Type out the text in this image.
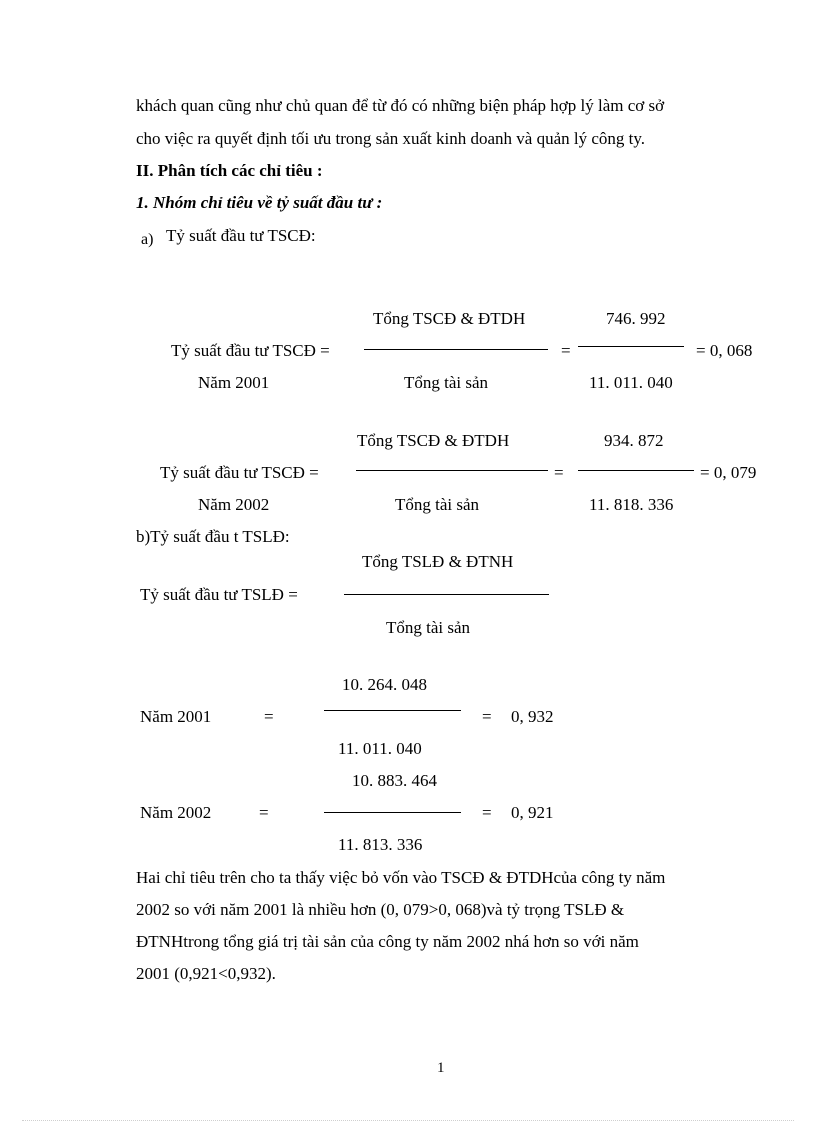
khách quan cũng như chủ quan để từ đó có những biện pháp hợp lý làm cơ sở
cho việc ra quyết định tối ưu trong sản xuất kinh doanh và quản lý công ty.
II. Phân tích các chỉ tiêu :
1. Nhóm chỉ tiêu về tỷ suất đầu tư :
a) Tỷ suất đầu tư TSCĐ:
Tổng TSCĐ & ĐTDH	746. 992
Tỷ suất đầu tư TSCĐ =	=	= 0, 068
Năm 2001	Tổng tài sản	11. 011. 040
Tổng TSCĐ & ĐTDH	934. 872
Tỷ suất đầu tư TSCĐ =	=	= 0, 079
Năm 2002	Tổng tài sản	11. 818. 336
b)Tỷ suất đầu t TSLĐ:
Tổng TSLĐ & ĐTNH
Tỷ suất đầu tư TSLĐ =
Tổng tài sản
10. 264. 048
Năm 2001	=	= 0, 932
11. 011. 040
10. 883. 464
Năm 2002	=	= 0, 921
11. 813. 336
Hai chỉ tiêu trên cho ta thấy việc bỏ vốn vào TSCĐ & ĐTDHcủa công ty năm
2002 so với năm 2001 là nhiều hơn (0, 079>0, 068)và tỷ trọng TSLĐ &
ĐTNHtrong tổng giá trị tài sản của công ty năm 2002 nhá hơn so với năm
2001 (0,921<0,932).
1
